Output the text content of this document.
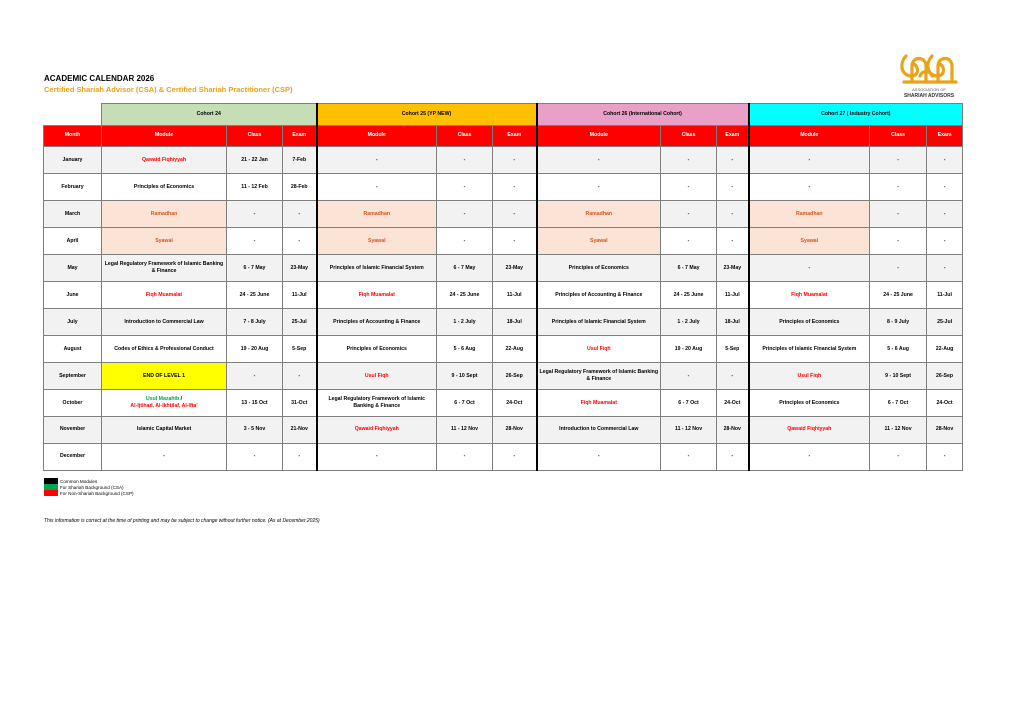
ACADEMIC CALENDAR 2026
Certified Shariah Advisor (CSA) & Certified Shariah Practitioner (CSP)	ASSOCIATION OF
SHARIAH ADVISORS
	Cohort 24			Cohort 25 (YP NEW)			Cohort 26 (International Cohort)			Cohort 27 ( Industry Cohort)		
Month	Module	Class	Exam	Module	Class	Exam	Module	Class	Exam	Module	Class	Exam
January	Qawaid Fiqhiyyah	21 - 22 Jan	7-Feb	-	-	-	-	-	-	-	-	-
February	Principles of Economics	11 - 12 Feb	28-Feb	-	-	-	-	-	-	-	-	-
March	Ramadhan	-	-	Ramadhan	-	-	Ramadhan	-	-	Ramadhan	-	-
April	Syawal	-	-	Syawal	-	-	Syawal	-	-	Syawal	-	-
May	Legal Regulatory Framework of Islamic Banking & Finance	6 - 7 May	23-May	Principles of Islamic Financial System	6 - 7 May	23-May	Principles of Economics	6 - 7 May	23-May	-	-	-
June	Fiqh Muamalat	24 - 25 June	11-Jul	Fiqh Muamalat	24 - 25 June	11-Jul	Principles of Accounting & Finance	24 - 25 June	11-Jul	Fiqh Muamalat	24 - 25 June	11-Jul
July	Introduction to Commercial Law	7 - 8 July	25-Jul	Principles of Accounting & Finance	1 - 2 July	18-Jul	Principles of Islamic Financial System	1 - 2 July	18-Jul	Principles of Economics	8 - 9 July	25-Jul
August	Codes of Ethics & Professional Conduct	19 - 20 Aug	5-Sep	Principles of Economics	5 - 6 Aug	22-Aug	Usul Fiqh	19 - 20 Aug	5-Sep	Principles of Islamic Financial System	5 - 6 Aug	22-Aug
September	END OF LEVEL 1	-	-	Usul Fiqh	9 - 10 Sept	26-Sep	Legal Regulatory Framework of Islamic Banking & Finance	-	-	Usul Fiqh	9 - 10 Sept	26-Sep
October	Usul Mazahib /
Al-Ijtihad, Al-Ikhtilaf, Al-Ifta'	13 - 15 Oct	31-Oct	Legal Regulatory Framework of Islamic Banking & Finance	6 - 7 Oct	24-Oct	Fiqh Muamalat	6 - 7 Oct	24-Oct	Principles of Economics	6 - 7 Oct	24-Oct
November	Islamic Capital Market	3 - 5 Nov	21-Nov	Qawaid Fiqhiyyah	11 - 12 Nov	28-Nov	Introduction to Commercial Law	11 - 12 Nov	28-Nov	Qawaid Fiqhiyyah	11 - 12 Nov	28-Nov
December	-	-	-	-	-	-	-	-	-	-	-	-
Common Modules
For Shariah Background (CSA)
For Non-Shariah Background (CSP)
This information is correct at the time of printing and may be subject to change without further notice. (As at December 2025)
